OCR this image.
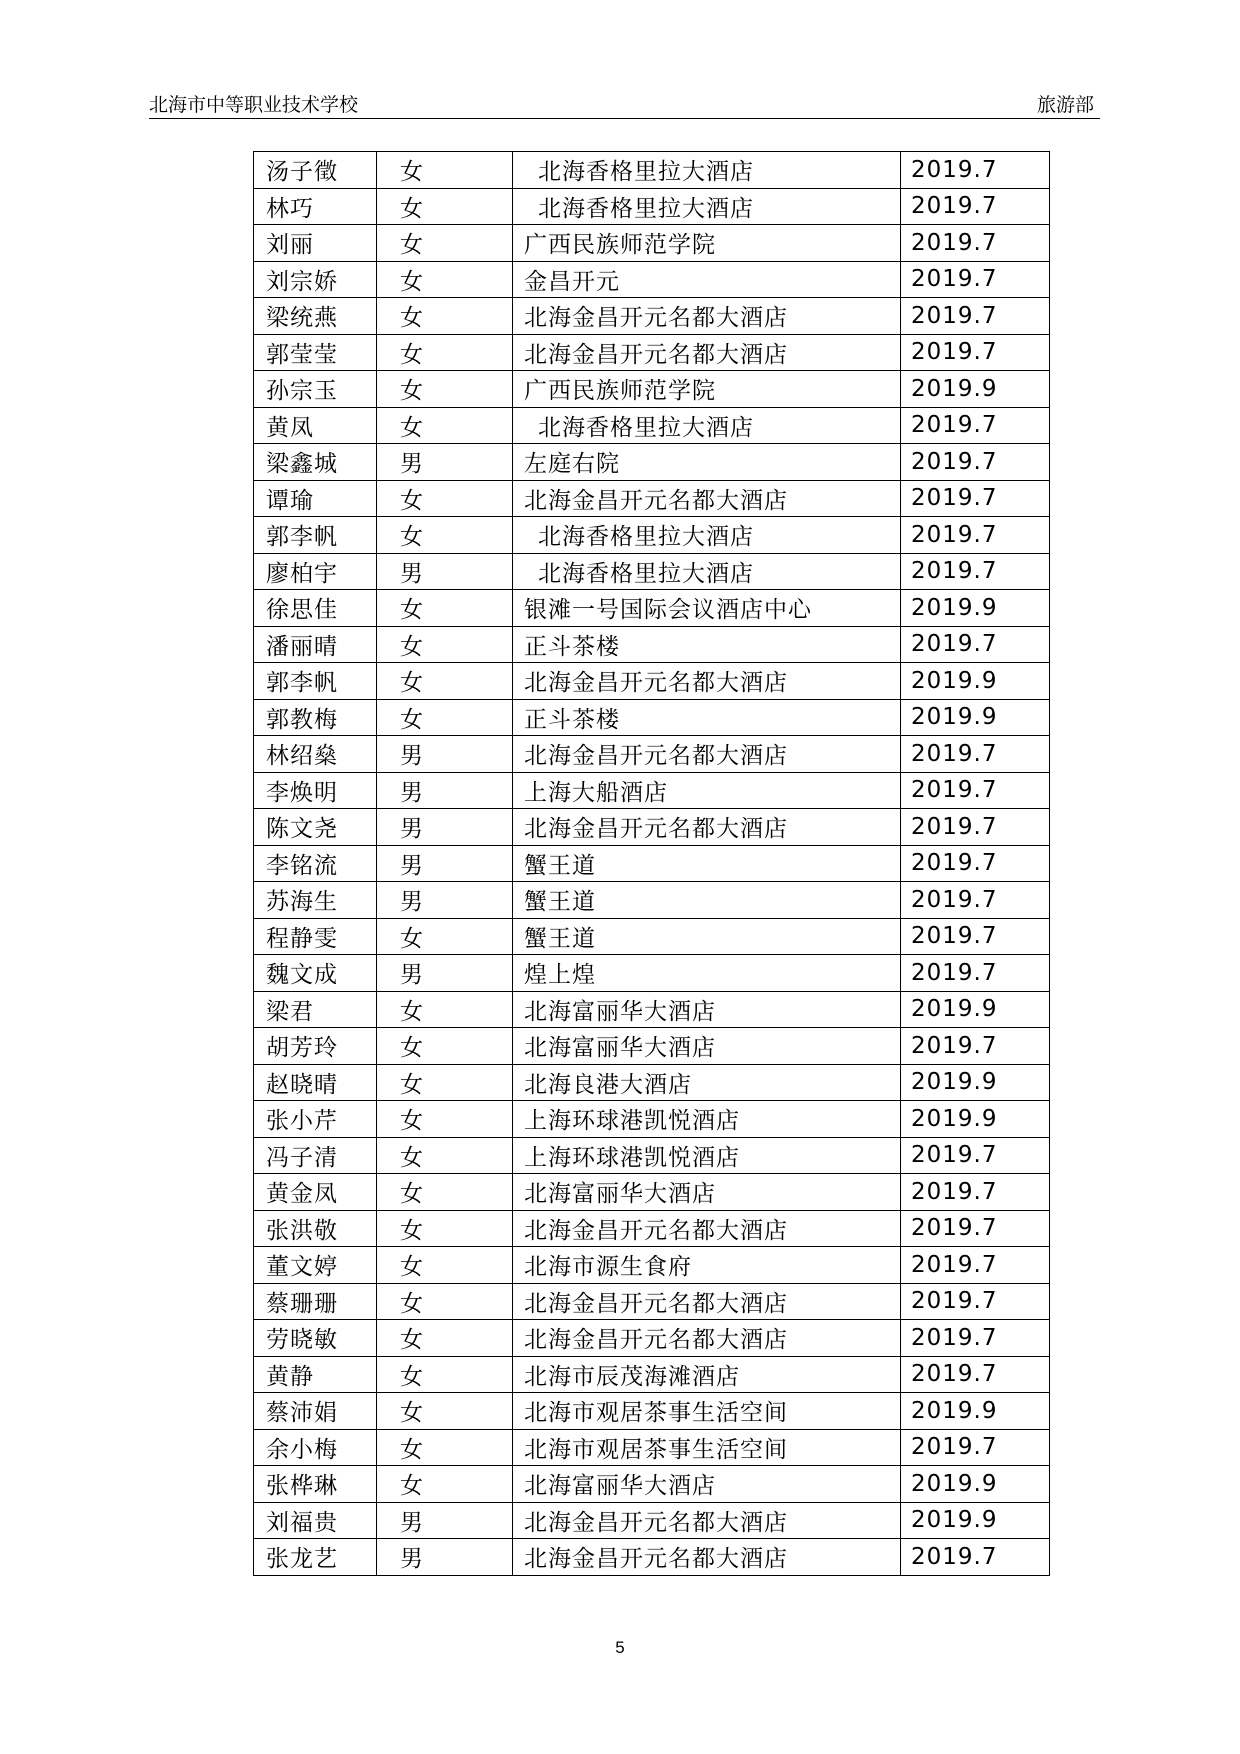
北海市中等职业技术学校	旅游部
汤子徵	女	北海香格里拉大酒店	2019.7
林巧	女	北海香格里拉大酒店	2019.7
刘丽	女	广西民族师范学院	2019.7
刘宗娇	女	金昌开元	2019.7
梁统燕	女	北海金昌开元名都大酒店	2019.7
郭莹莹	女	北海金昌开元名都大酒店	2019.7
孙宗玉	女	广西民族师范学院	2019.9
黄凤	女	北海香格里拉大酒店	2019.7
梁鑫城	男	左庭右院	2019.7
谭瑜	女	北海金昌开元名都大酒店	2019.7
郭李帆	女	北海香格里拉大酒店	2019.7
廖柏宇	男	北海香格里拉大酒店	2019.7
徐思佳	女	银滩一号国际会议酒店中心	2019.9
潘丽晴	女	正斗茶楼	2019.7
郭李帆	女	北海金昌开元名都大酒店	2019.9
郭教梅	女	正斗茶楼	2019.9
林绍燊	男	北海金昌开元名都大酒店	2019.7
李焕明	男	上海大船酒店	2019.7
陈文尧	男	北海金昌开元名都大酒店	2019.7
李铭流	男	蟹王道	2019.7
苏海生	男	蟹王道	2019.7
程静雯	女	蟹王道	2019.7
魏文成	男	煌上煌	2019.7
梁君	女	北海富丽华大酒店	2019.9
胡芳玲	女	北海富丽华大酒店	2019.7
赵晓晴	女	北海良港大酒店	2019.9
张小芹	女	上海环球港凯悦酒店	2019.9
冯子清	女	上海环球港凯悦酒店	2019.7
黄金凤	女	北海富丽华大酒店	2019.7
张洪敬	女	北海金昌开元名都大酒店	2019.7
董文婷	女	北海市源生食府	2019.7
蔡珊珊	女	北海金昌开元名都大酒店	2019.7
劳晓敏	女	北海金昌开元名都大酒店	2019.7
黄静	女	北海市辰茂海滩酒店	2019.7
蔡沛娟	女	北海市观居茶事生活空间	2019.9
余小梅	女	北海市观居茶事生活空间	2019.7
张桦琳	女	北海富丽华大酒店	2019.9
刘福贵	男	北海金昌开元名都大酒店	2019.9
张龙艺	男	北海金昌开元名都大酒店	2019.7
5
